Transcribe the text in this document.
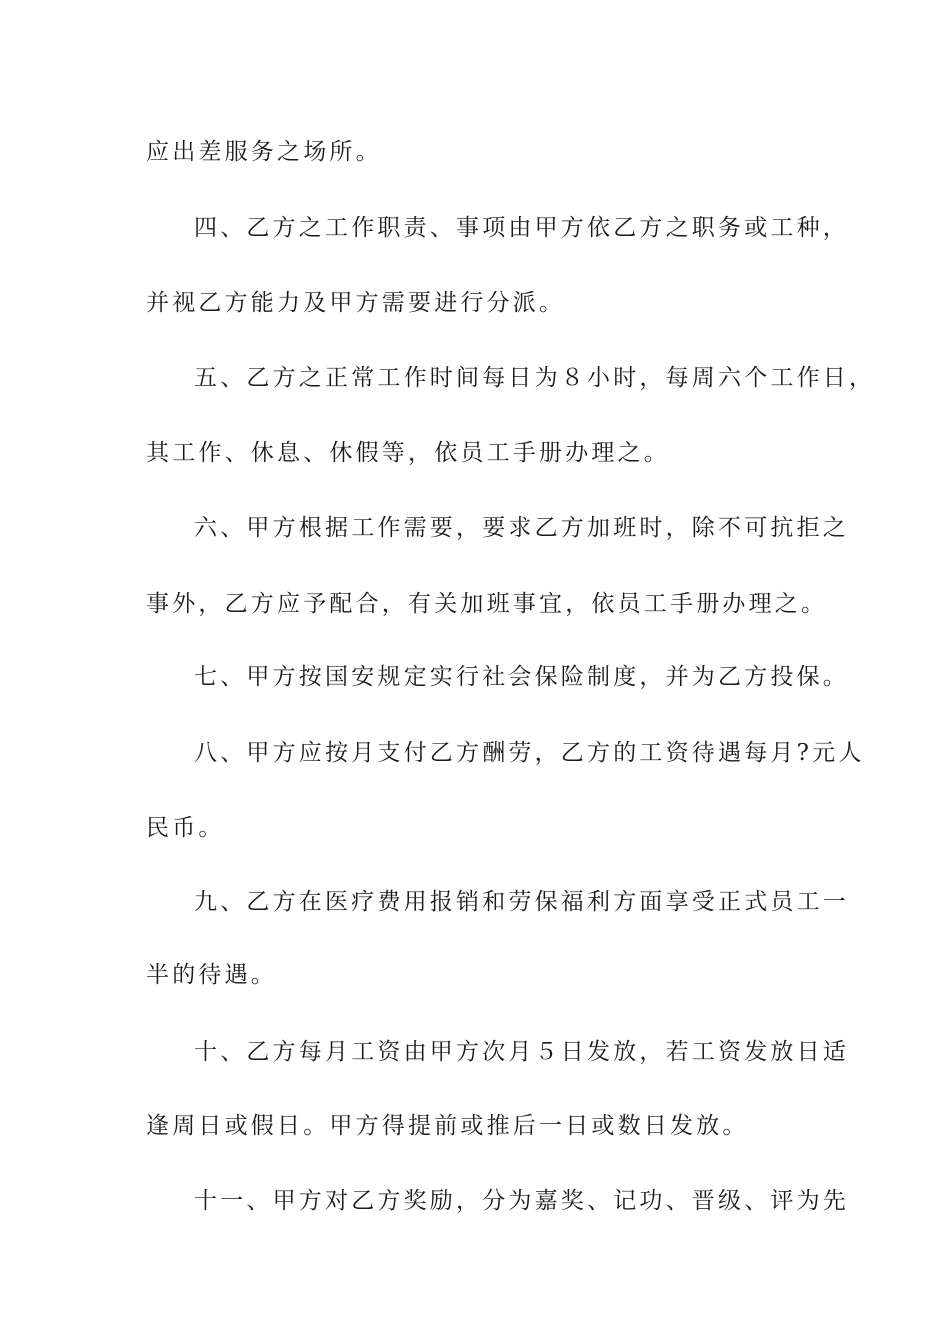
应出差服务之场所。
四、乙方之工作职责、事项由甲方依乙方之职务或工种，
并视乙方能力及甲方需要进行分派。
五、乙方之正常工作时间每日为８小时，每周六个工作日，
其工作、休息、休假等，依员工手册办理之。
六、甲方根据工作需要，要求乙方加班时，除不可抗拒之
事外，乙方应予配合，有关加班事宜，依员工手册办理之。
七、甲方按国安规定实行社会保险制度，并为乙方投保。
八、甲方应按月支付乙方酬劳，乙方的工资待遇每月?元人
民币。
九、乙方在医疗费用报销和劳保福利方面享受正式员工一
半的待遇。
十、乙方每月工资由甲方次月５日发放，若工资发放日适
逢周日或假日。甲方得提前或推后一日或数日发放。
十一、甲方对乙方奖励，分为嘉奖、记功、晋级、评为先
